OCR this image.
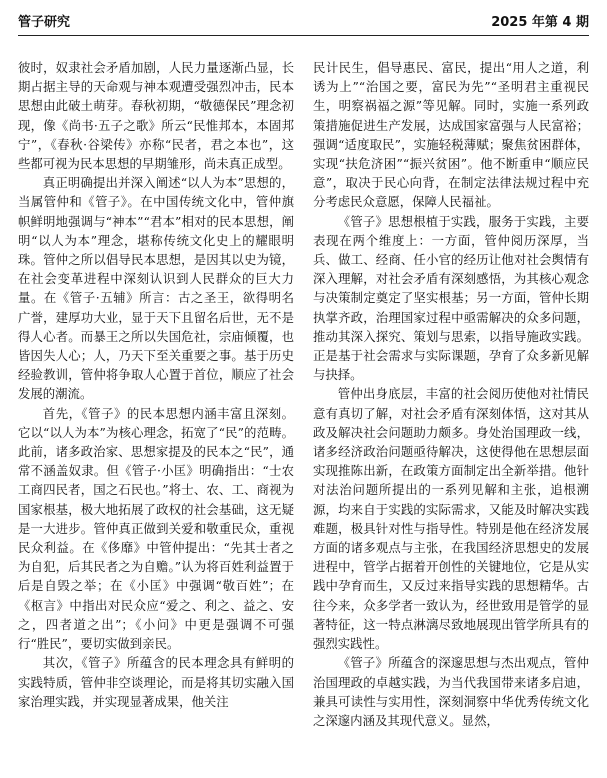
管子研究	2025 年第 4 期

彼时，奴隶社会矛盾加剧，人民力量逐渐凸显，长期占据主导的天命观与神本观遭受强烈冲击，民本思想由此破土萌芽。春秋初期，“敬德保民”理念初现，像《尚书·五子之歌》所云“民惟邦本，本固邦宁”，《春秋·谷梁传》亦称“民者，君之本也”，这些都可视为民本思想的早期雏形，尚未真正成型。

真正明确提出并深入阐述“以人为本”思想的，当属管仲和《管子》。在中国传统文化中，管仲旗帜鲜明地强调与“神本”“君本”相对的民本思想，阐明“以人为本”理念，堪称传统文化史上的耀眼明珠。管仲之所以倡导民本思想，是因其以史为镜，在社会变革进程中深刻认识到人民群众的巨大力量。在《管子·五辅》所言：古之圣王，欲得明名广誉，建厚功大业，显于天下且留名后世，无不是得人心者。而暴王之所以失国危社，宗庙倾覆，也皆因失人心；人，乃天下至关重要之事。基于历史经验教训，管仲将争取人心置于首位，顺应了社会发展的潮流。

首先，《管子》的民本思想内涵丰富且深刻。它以“以人为本”为核心理念，拓宽了“民”的范畴。此前，诸多政治家、思想家提及的民本之“民”，通常不涵盖奴隶。但《管子·小匡》明确指出：“士农工商四民者，国之石民也。”将士、农、工、商视为国家根基，极大地拓展了政权的社会基础，这无疑是一大进步。管仲真正做到关爱和敬重民众，重视民众利益。在《侈靡》中管仲提出：“先其士者之为自犯，后其民者之为自赡。”认为将百姓利益置于后是自毁之举；在《小匡》中强调“敬百姓”；在《枢言》中指出对民众应“爱之、利之、益之、安之，四者道之出”；《小问》中更是强调不可强行“胜民”，要切实做到亲民。

其次，《管子》所蕴含的民本理念具有鲜明的实践特质，管仲非空谈理论，而是将其切实融入国家治理实践，并实现显著成果，他关注

民计民生，倡导惠民、富民，提出“用人之道，利诱为上”“治国之要，富民为先”“圣明君主重视民生，明察祸福之源”等见解。同时，实施一系列政策措施促进生产发展，达成国家富强与人民富裕；强调“适度取民”，实施轻税薄赋；聚焦贫困群体，实现“扶危济困”“振兴贫困”。他不断重申“顺应民意”，取决于民心向背，在制定法律法规过程中充分考虑民众意愿，保障人民福祉。

《管子》思想根植于实践，服务于实践，主要表现在两个维度上：一方面，管仲阅历深厚，当兵、做工、经商、任小官的经历让他对社会舆情有深入理解，对社会矛盾有深刻感悟，为其核心观念与决策制定奠定了坚实根基；另一方面，管仲长期执掌齐政，治理国家过程中亟需解决的众多问题，推动其深入探究、策划与思索，以指导施政实践。正是基于社会需求与实际课题，孕育了众多新见解与抉择。

管仲出身底层，丰富的社会阅历使他对社情民意有真切了解，对社会矛盾有深刻体悟，这对其从政及解决社会问题助力颇多。身处治国理政一线，诸多经济政治问题亟待解决，这使得他在思想层面实现推陈出新，在政策方面制定出全新举措。他针对法治问题所提出的一系列见解和主张，追根溯源，均来自于实践的实际需求，又能及时解决实践难题，极具针对性与指导性。特别是他在经济发展方面的诸多观点与主张，在我国经济思想史的发展进程中，管学占据着开创性的关键地位，它是从实践中孕育而生，又反过来指导实践的思想精华。古往今来，众多学者一致认为，经世致用是管学的显著特征，这一特点淋漓尽致地展现出管学所具有的强烈实践性。

《管子》所蕴含的深邃思想与杰出观点，管仲治国理政的卓越实践，为当代我国带来诸多启迪，兼具可读性与实用性，深刻洞察中华优秀传统文化之深邃内涵及其现代意义。显然，
